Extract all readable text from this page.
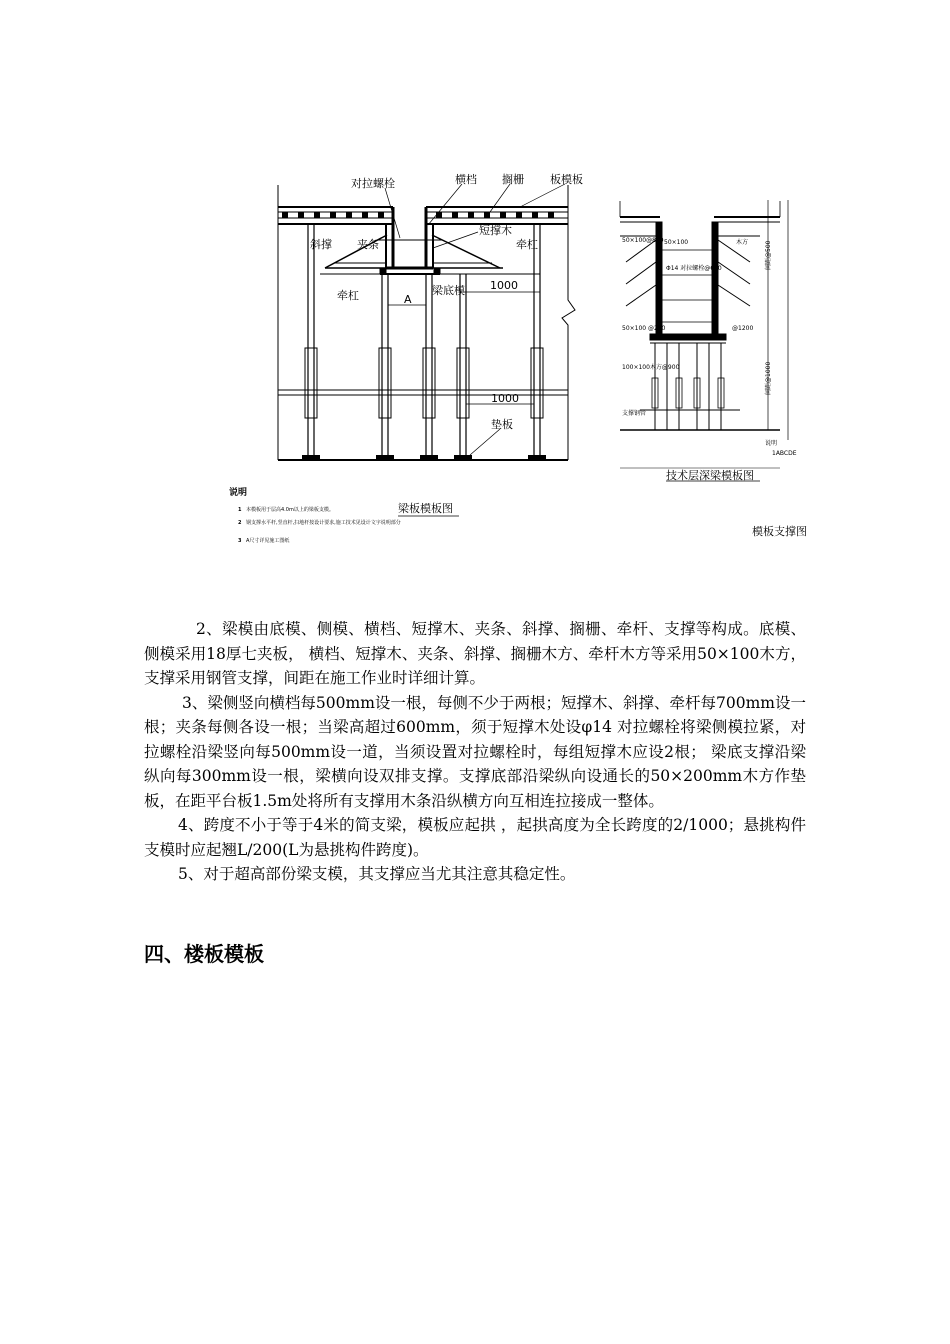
对拉螺栓	横档 搁栅 板模板
短撑木
斜撑 夹条	牵杠
牵杠	梁底模 1000
A
1000
垫板
说明
1 本模板用于层高4.0m以上的梁板支模。
2 钢支撑水平杆,竖直杆,扫地杆按设计要求,施工技术见设计文字说明部分
3 A尺寸详见施工图纸
梁板模板图
50×100@800 50×100
Φ14 对拉螺栓@610
50×100 @200
100×100木方@900
@1200
支撑钢管
间距@500
木方
间距@1000
说明
1ABCDE
技术层深梁模板图
模板支撑图

2、梁模由底模、侧模、横档、短撑木、夹条、斜撑、搁栅、牵杆、支撑等构成。底模、侧模采用18厚七夹板， 横档、短撑木、夹条、斜撑、搁栅木方、牵杆木方等采用50×100木方，支撑采用钢管支撑，间距在施工作业时详细计算。

3、梁侧竖向横档每500mm设一根，每侧不少于两根；短撑木、斜撑、牵杆每700mm设一根；夹条每侧各设一根；当梁高超过600mm，须于短撑木处设φ14 对拉螺栓将梁侧模拉紧，对拉螺栓沿梁竖向每500mm设一道，当须设置对拉螺栓时，每组短撑木应设2根； 梁底支撑沿梁纵向每300mm设一根，梁横向设双排支撑。支撑底部沿梁纵向设通长的50×200mm木方作垫板，在距平台板1.5m处将所有支撑用木条沿纵横方向互相连拉接成一整体。

4、跨度不小于等于4米的简支梁，模板应起拱 ，起拱高度为全长跨度的2/1000；悬挑构件支模时应起翘L/200(L为悬挑构件跨度)。

5、对于超高部份梁支模，其支撑应当尤其注意其稳定性。

四、楼板模板
